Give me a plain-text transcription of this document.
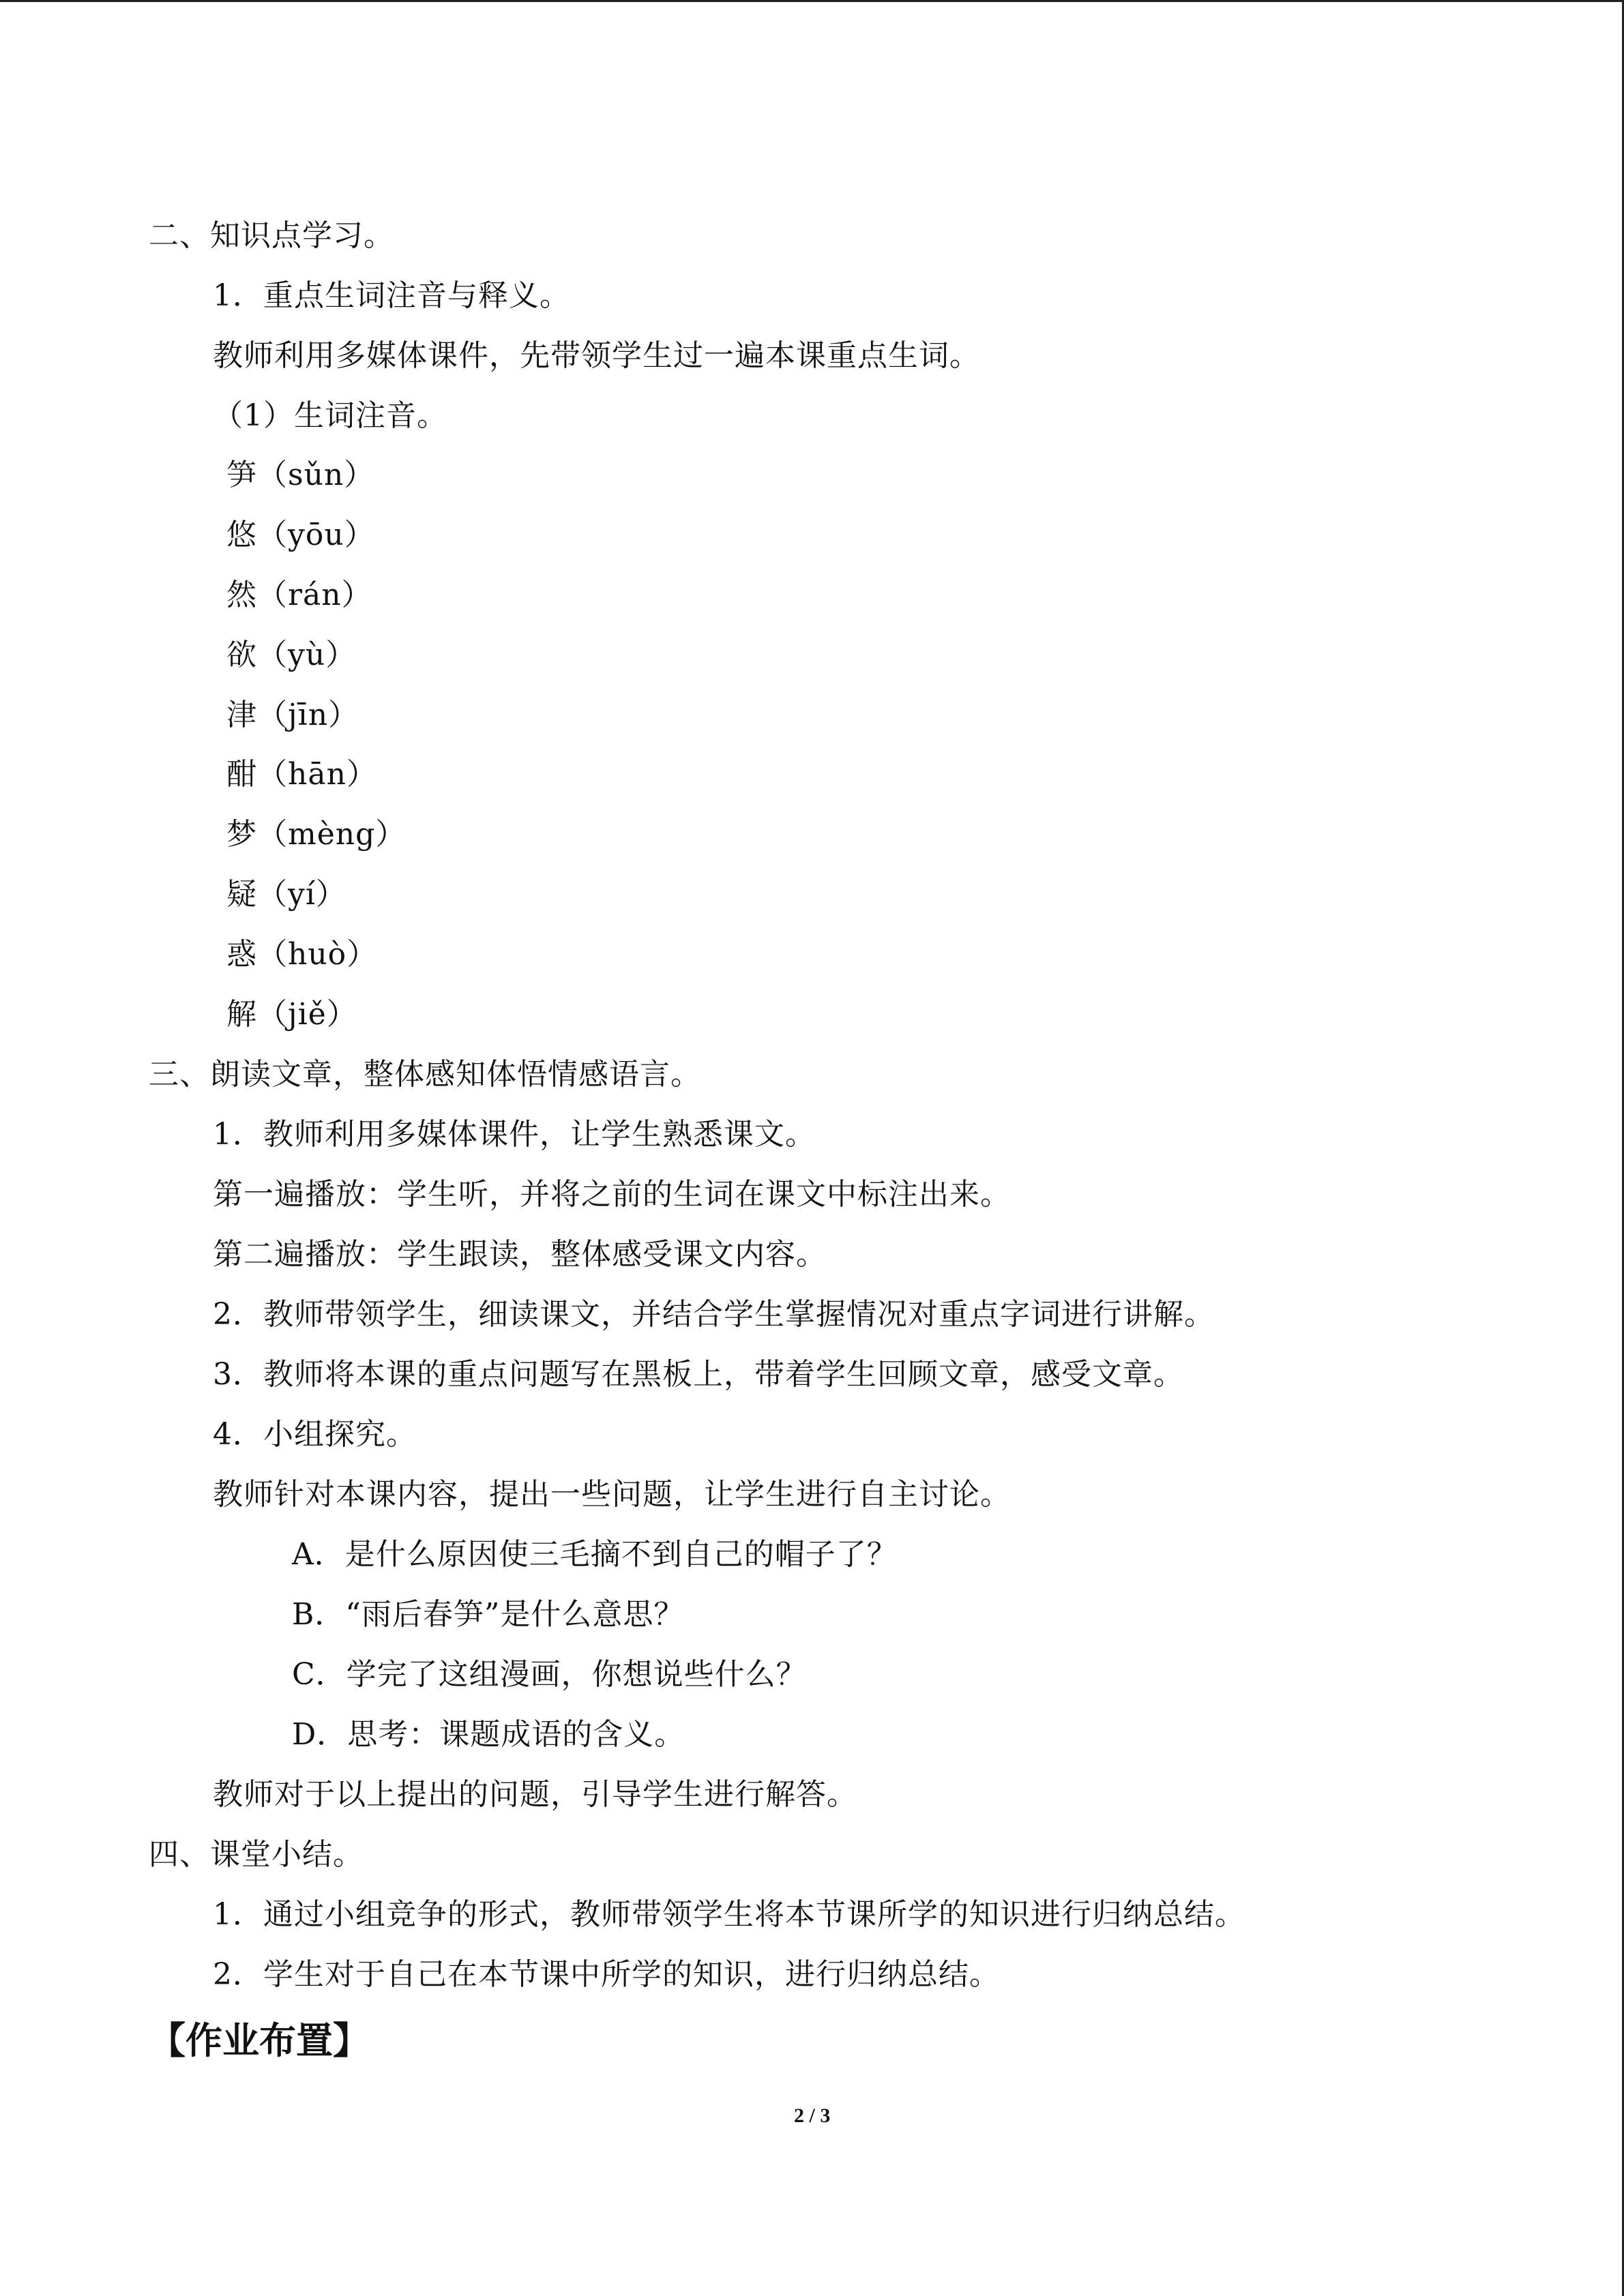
二、知识点学习。
1．重点生词注音与释义。
教师利用多媒体课件，先带领学生过一遍本课重点生词。
（1）生词注音。
笋（sǔn）
悠（yōu）
然（rán）
欲（yù）
津（jīn）
酣（hān）
梦（mèng）
疑（yí）
惑（huò）
解（jiě）
三、朗读文章，整体感知体悟情感语言。
1．教师利用多媒体课件，让学生熟悉课文。
第一遍播放：学生听，并将之前的生词在课文中标注出来。
第二遍播放：学生跟读，整体感受课文内容。
2．教师带领学生，细读课文，并结合学生掌握情况对重点字词进行讲解。
3．教师将本课的重点问题写在黑板上，带着学生回顾文章，感受文章。
4．小组探究。
教师针对本课内容，提出一些问题，让学生进行自主讨论。
A．是什么原因使三毛摘不到自己的帽子了？
B．“雨后春笋”是什么意思？
C．学完了这组漫画，你想说些什么？
D．思考：课题成语的含义。
教师对于以上提出的问题，引导学生进行解答。
四、课堂小结。
1．通过小组竞争的形式，教师带领学生将本节课所学的知识进行归纳总结。
2．学生对于自己在本节课中所学的知识，进行归纳总结。
【作业布置】
2 / 3
